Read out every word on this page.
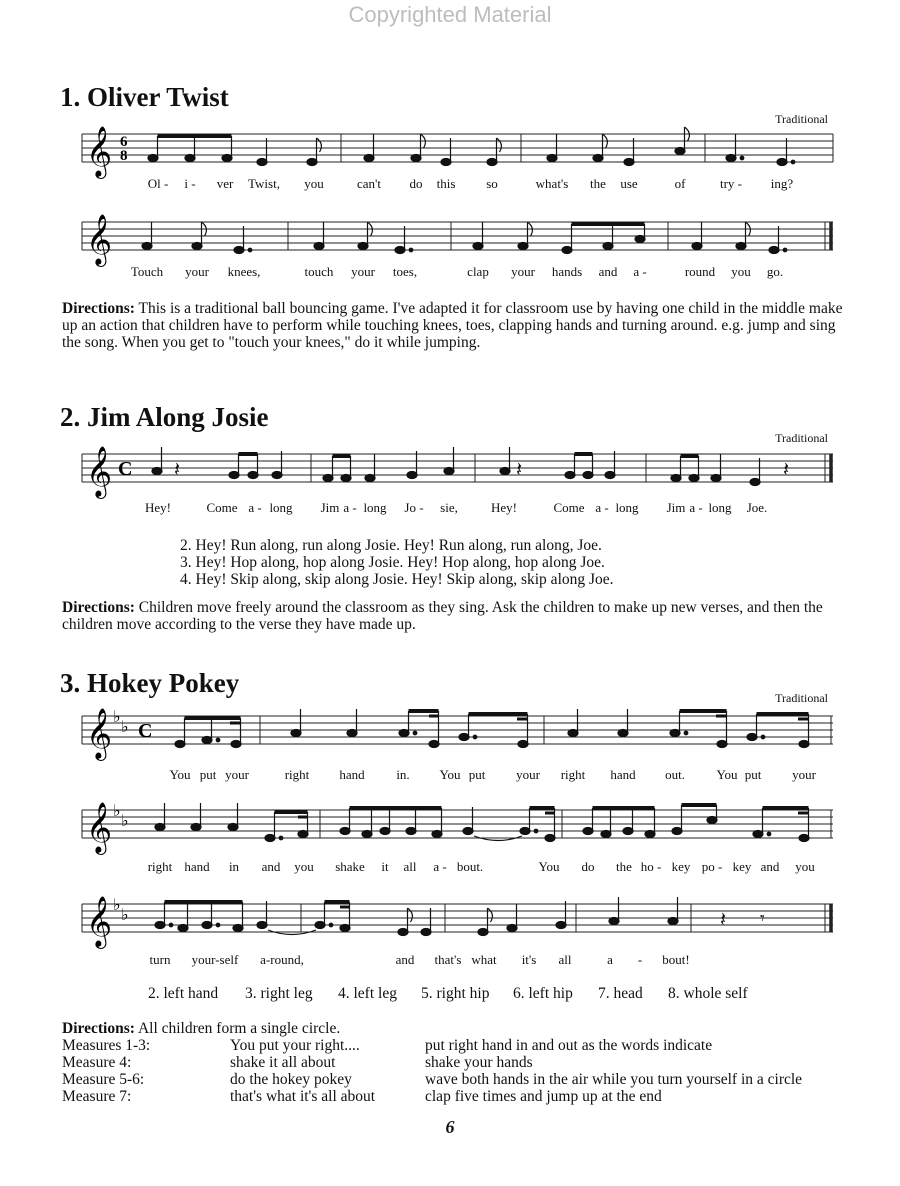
Copyrighted Material
1. Oliver Twist
Traditional
𝄞 6
8
Ol - i - ver Twist, you	can't do this so	what's the use	of	try - ing?
𝄞
Touch your knees,	touch your toes,	clap your hands and a -	round you go.
Directions: This is a traditional ball bouncing game. I've adapted it for classroom use by having one child in the middle make up an action that children have to perform while touching knees, toes, clapping hands and turning around. e.g. jump and sing the song. When you get to "touch your knees," do it while jumping.
2. Jim Along Josie
Traditional
𝄞 C 𝄽	𝄽	𝄽
Hey!	Come a - long Jim a - long Jo - sie,	Hey!	Come a - long Jim a - long Joe.
2. Hey! Run along, run along Josie. Hey! Run along, run along, Joe.
3. Hey! Hop along, hop along Josie. Hey! Hop along, hop along Joe.
4. Hey! Skip along, skip along Josie. Hey! Skip along, skip along Joe.
Directions: Children move freely around the classroom as they sing. Ask the children to make up new verses, and then the children move according to the verse they have made up.
3. Hokey Pokey	Traditional
𝄞 ♭
♭ C
You put your	right hand in. You put your right hand out. You put your
𝄞 ♭
♭
right hand in and you shake it all a - bout.	You do the ho - key po - key and you
𝄞 ♭
♭	𝄽 𝄾
turn your-self a-round,	and that's what it's all	a - bout!
2. left hand 3. right leg 4. left leg 5. right hip 6. left hip 7. head 8. whole self
Directions: All children form a single circle.
Measures 1-3:	You put your right....	put right hand in and out as the words indicate
Measure 4:	shake it all about	shake your hands
Measure 5-6:	do the hokey pokey	wave both hands in the air while you turn yourself in a circle
Measure 7:	that's what it's all about	clap five times and jump up at the end
6
